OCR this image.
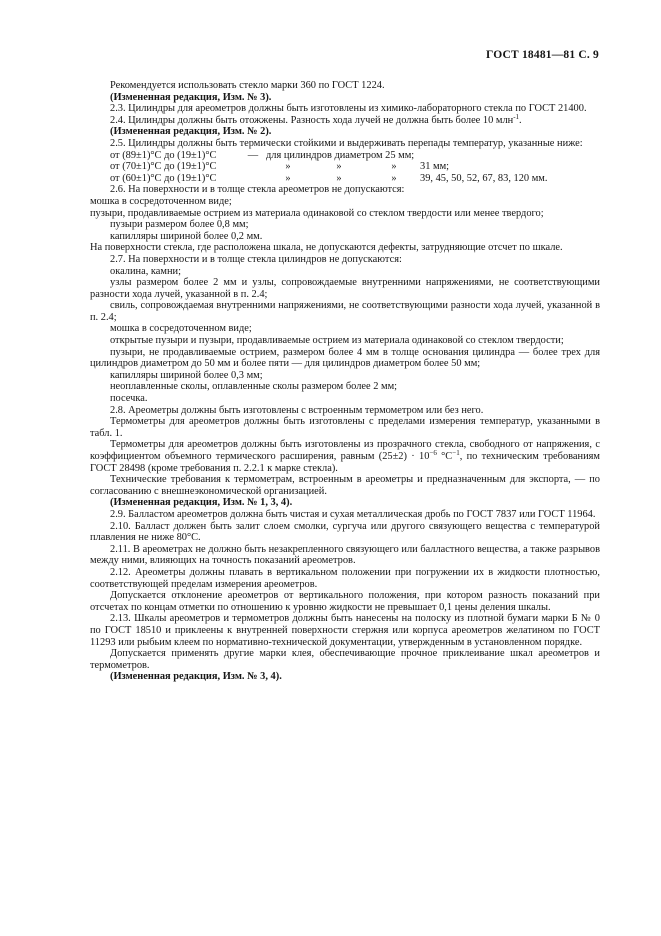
ГОСТ 18481—81 С. 9

Рекомендуется использовать стекло марки 360 по ГОСТ 1224.

(Измененная редакция, Изм. № 3).

2.3. Цилиндры для ареометров должны быть изготовлены из химико-лабораторного стекла по ГОСТ 21400.

2.4. Цилиндры должны быть отожжены. Разность хода лучей не должна быть более 10 млн$^{-1}$.

(Измененная редакция, Изм. № 2).

2.5. Цилиндры должны быть термически стойкими и выдерживать перепады температур, указанные ниже:

от (89±1)°С до (19±1)°С	— для цилиндров диаметром 25 мм;
от (70±1)°С до (19±1)°С	»	»	»	31 мм;
от (60±1)°С до (19±1)°С	»	»	»	39, 45, 50, 52, 67, 83, 120 мм.

2.6. На поверхности и в толще стекла ареометров не допускаются:

мошка в сосредоточенном виде;

пузыри, продавливаемые острием из материала одинаковой со стеклом твердости или менее твердого;

пузыри размером более 0,8 мм;

капилляры шириной более 0,2 мм.

На поверхности стекла, где расположена шкала, не допускаются дефекты, затрудняющие отсчет по шкале.

2.7. На поверхности и в толще стекла цилиндров не допускаются:

окалина, камни;

узлы размером более 2 мм и узлы, сопровождаемые внутренними напряжениями, не соответствующими разности хода лучей, указанной в п. 2.4;

свиль, сопровождаемая внутренними напряжениями, не соответствующими разности хода лучей, указанной в п. 2.4;

мошка в сосредоточенном виде;

открытые пузыри и пузыри, продавливаемые острием из материала одинаковой со стеклом твердости;

пузыри, не продавливаемые острием, размером более 4 мм в толще основания цилиндра — более трех для цилиндров диаметром до 50 мм и более пяти — для цилиндров диаметром более 50 мм;

капилляры шириной более 0,3 мм;

неоплавленные сколы, оплавленные сколы размером более 2 мм;

посечка.

2.8. Ареометры должны быть изготовлены с встроенным термометром или без него.

Термометры для ареометров должны быть изготовлены с пределами измерения температур, указанными в табл. 1.

Термометры для ареометров должны быть изготовлены из прозрачного стекла, свободного от напряжения, с коэффициентом объемного термического расширения, равным $(25\pm 2) \cdot 10^{-6}$ $^\circ С^{-1}$, по техническим требованиям ГОСТ 28498 (кроме требования п. 2.2.1 к марке стекла).

Технические требования к термометрам, встроенным в ареометры и предназначенным для экспорта, — по согласованию с внешнеэкономической организацией.

(Измененная редакция, Изм. № 1, 3, 4).

2.9. Балластом ареометров должна быть чистая и сухая металлическая дробь по ГОСТ 7837 или ГОСТ 11964.

2.10. Балласт должен быть залит слоем смолки, сургуча или другого связующего вещества с температурой плавления не ниже 80°С.

2.11. В ареометрах не должно быть незакрепленного связующего или балластного вещества, а также разрывов между ними, влияющих на точность показаний ареометров.

2.12. Ареометры должны плавать в вертикальном положении при погружении их в жидкости плотностью, соответствующей пределам измерения ареометров.

Допускается отклонение ареометров от вертикального положения, при котором разность показаний при отсчетах по концам отметки по отношению к уровню жидкости не превышает 0,1 цены деления шкалы.

2.13. Шкалы ареометров и термометров должны быть нанесены на полоску из плотной бумаги марки Б № 0 по ГОСТ 18510 и приклеены к внутренней поверхности стержня или корпуса ареометров желатином по ГОСТ 11293 или рыбьим клеем по нормативно-технической документации, утвержденным в установленном порядке.

Допускается применять другие марки клея, обеспечивающие прочное приклеивание шкал ареометров и термометров.

(Измененная редакция, Изм. № 3, 4).
